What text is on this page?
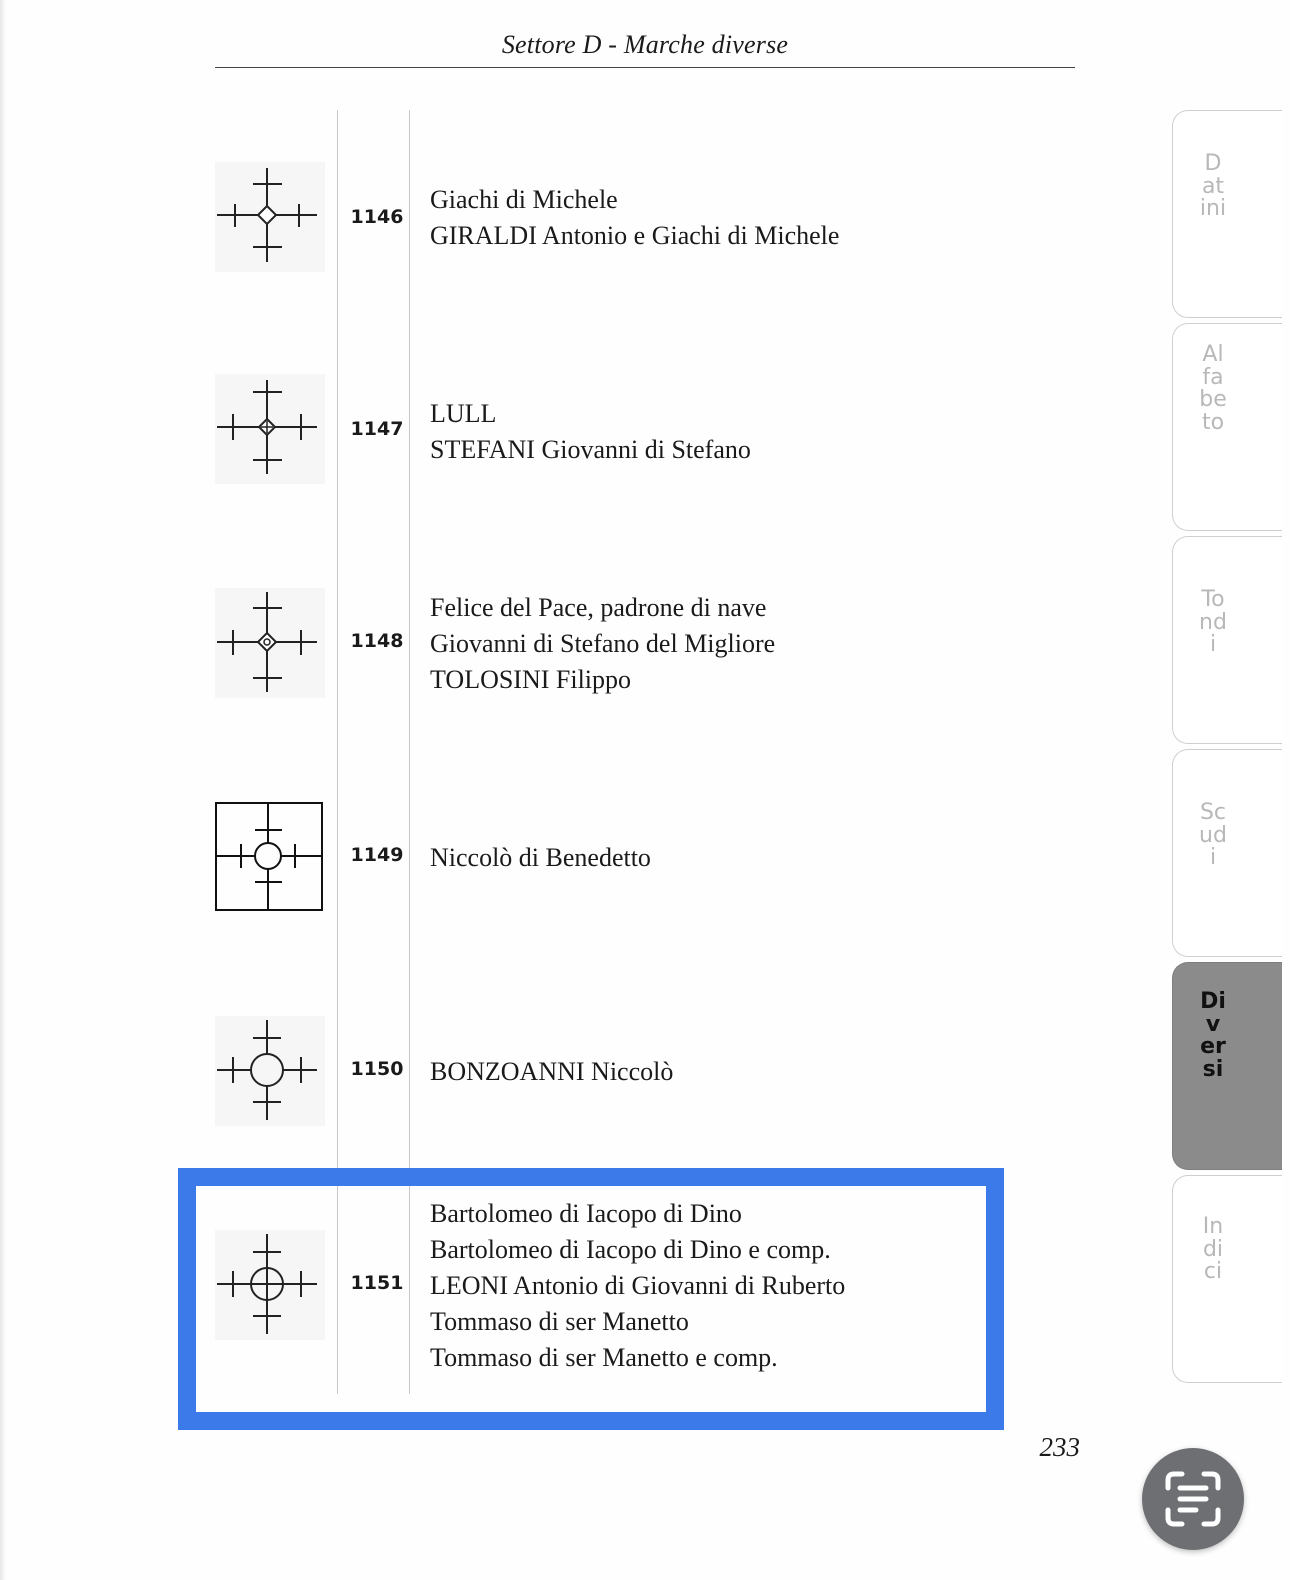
Settore D - Marche diverse
1146
Giachi di Michele
GIRALDI Antonio e Giachi di Michele
1147
LULL
STEFANI Giovanni di Stefano
1148
Felice del Pace, padrone di nave
Giovanni di Stefano del Migliore
TOLOSINI Filippo
1149 Niccolò di Benedetto
1150 BONZOANNI Niccolò
1151
Bartolomeo di Iacopo di Dino
Bartolomeo di Iacopo di Dino e comp.
LEONI Antonio di Giovanni di Ruberto
Tommaso di ser Manetto
Tommaso di ser Manetto e comp.
233
Datini
Alfabeto
Tondi
Scudi
Diversi
Indici
